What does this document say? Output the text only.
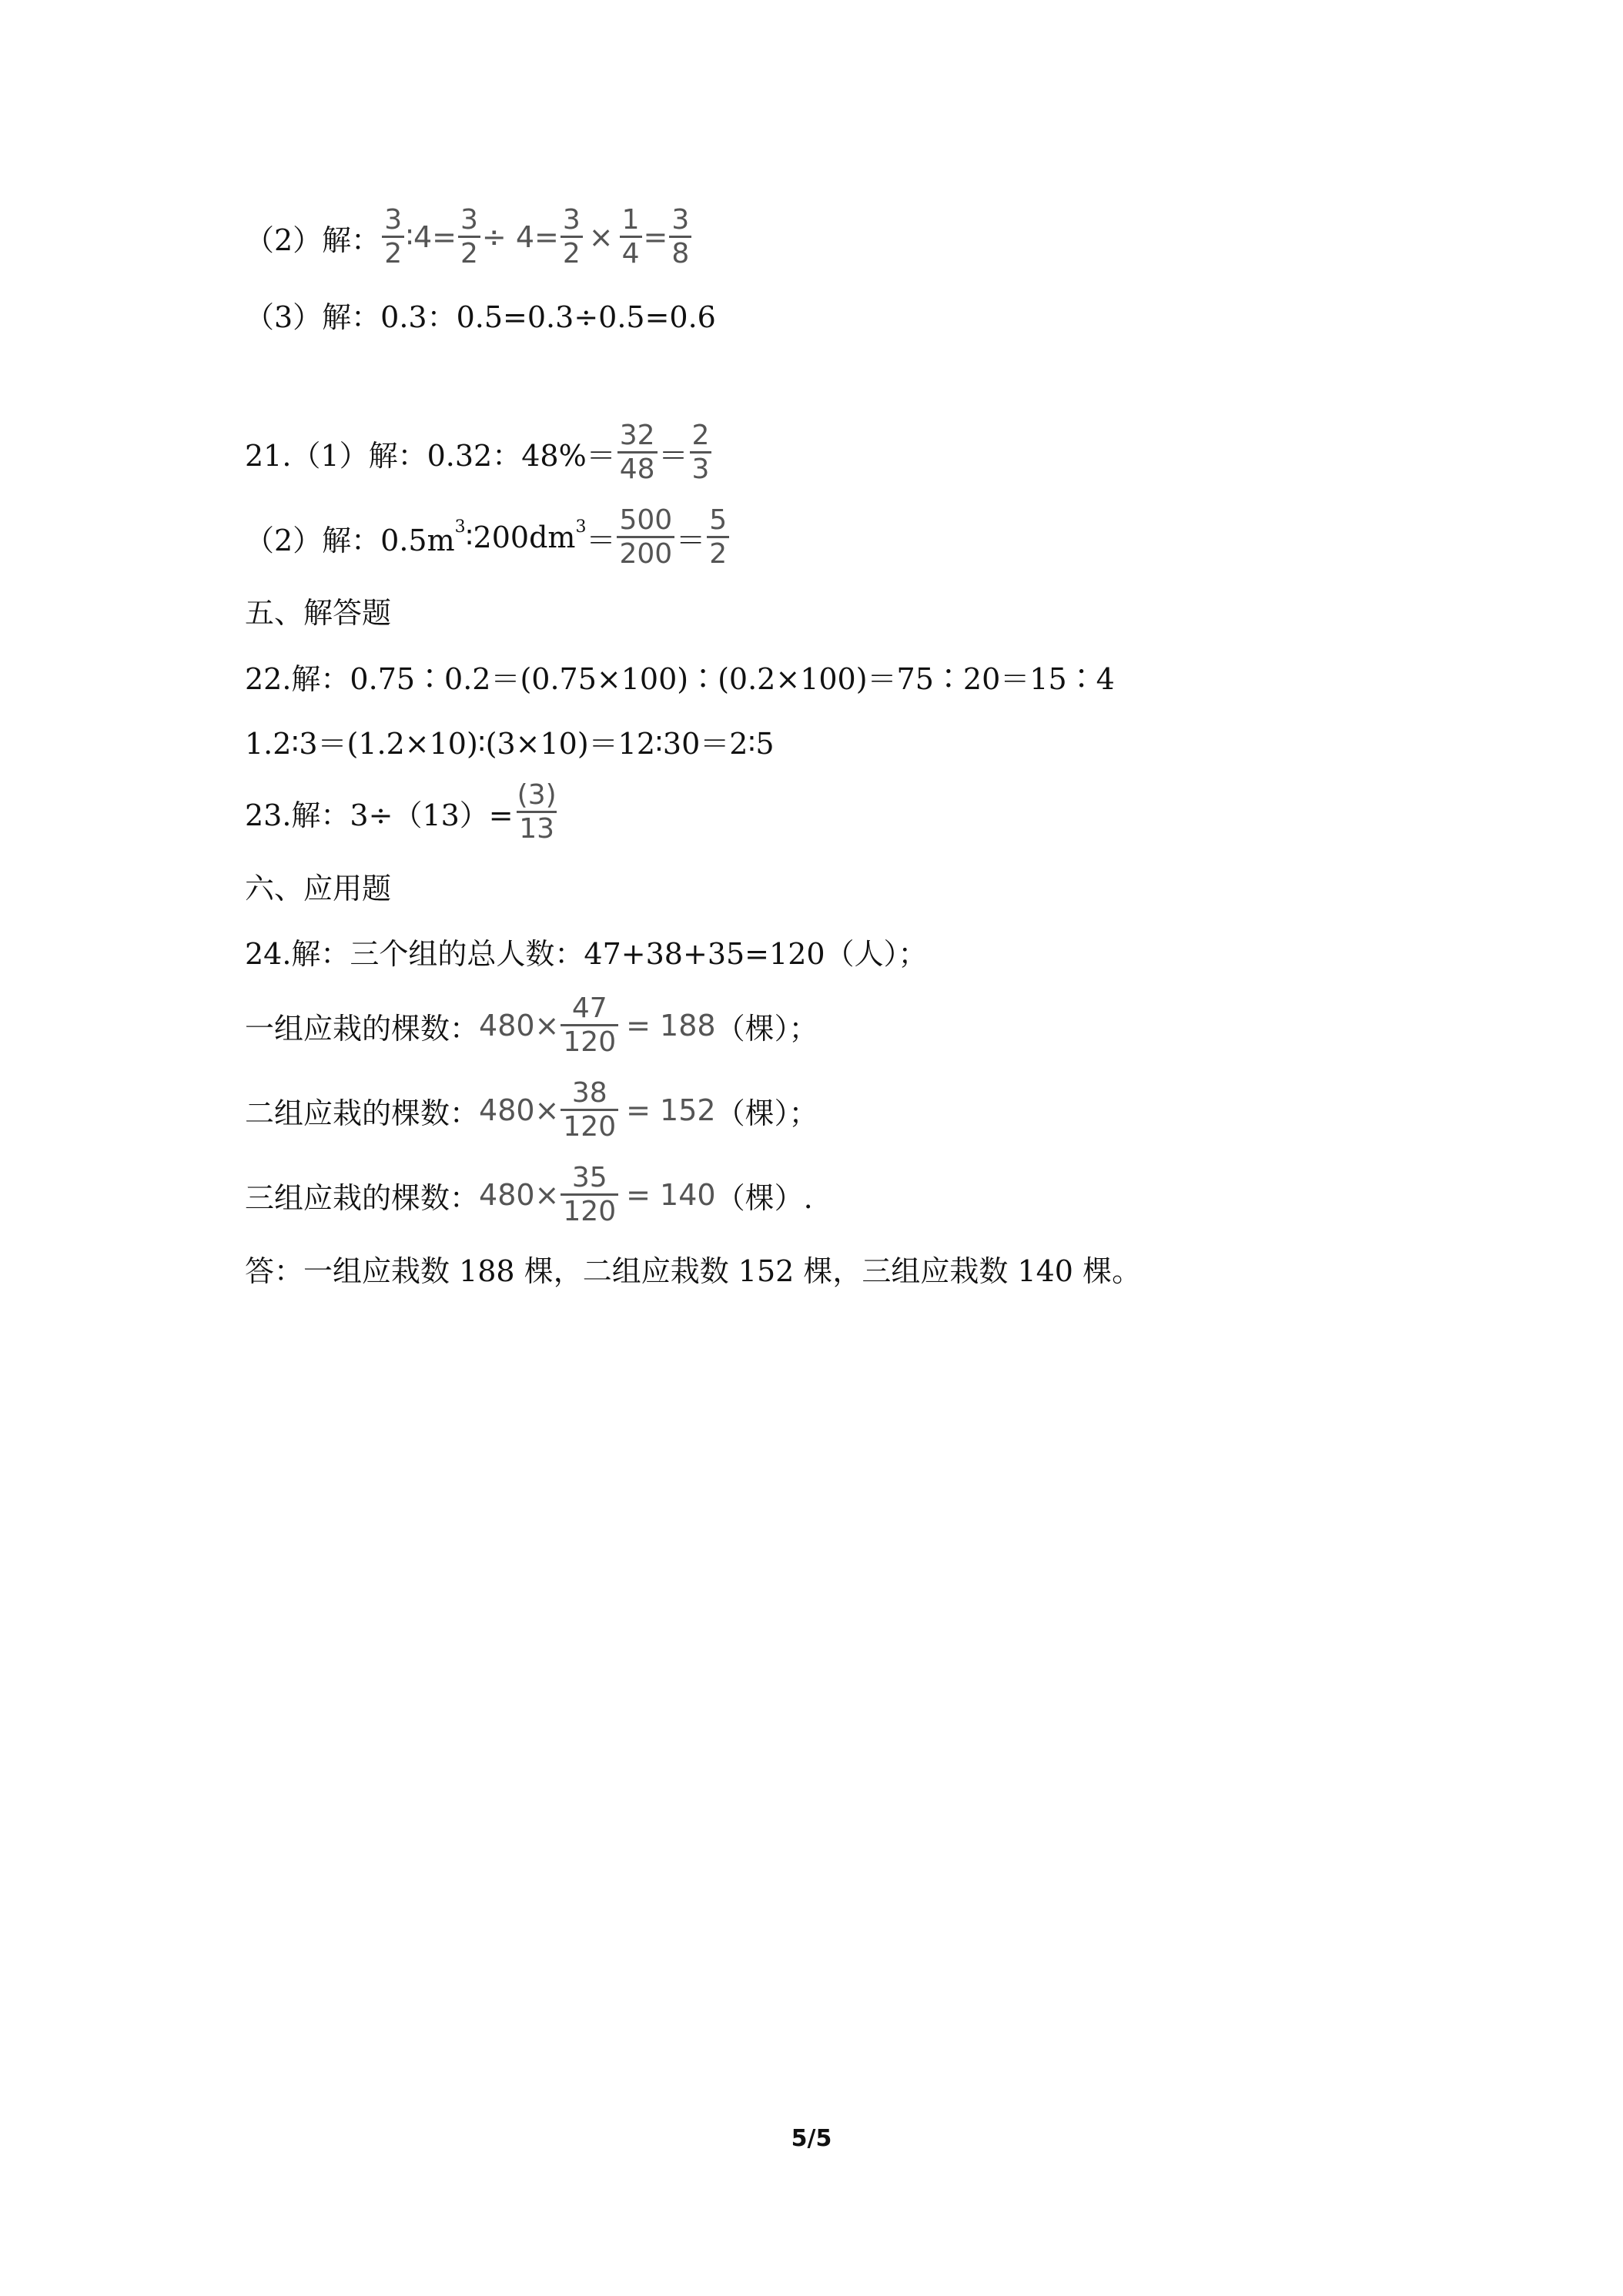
（2）解： $\frac{3}{2}$ ∶4= $\frac{3}{2} \div 4= \frac{3}{2} \times \frac{1}{4} = \frac{3}{8}$
（3）解：0.3：0.5=0.3÷0.5=0.6
21.（1）解：0.32：$48\%= \frac{32}{48} = \frac{2}{3}$
（2）解：0.5m 3 ∶200dm $3 = \frac{500}{200} = \frac{5}{2}$
五、解答题
22.解：0.75∶0.2＝(0.75×100)∶(0.2×100)＝75∶20＝15∶4
1.2∶3＝(1.2×10)∶(3×10)＝12∶30＝2∶5
23.解：$3\div(13)= \frac{(3)}{13}$
六、应用题
24.解：三个组的总人数：47+38+35=120（人）；
一组应栽的棵数： $480\times \frac{47}{120} = 188$ （棵）；
二组应栽的棵数： $480\times \frac{38}{120} = 152$ （棵）；
三组应栽的棵数： $480\times \frac{35}{120} = 140$ （棵）.
答：一组应栽数 188 棵，二组应栽数 152 棵，三组应栽数 140 棵。
5/5
